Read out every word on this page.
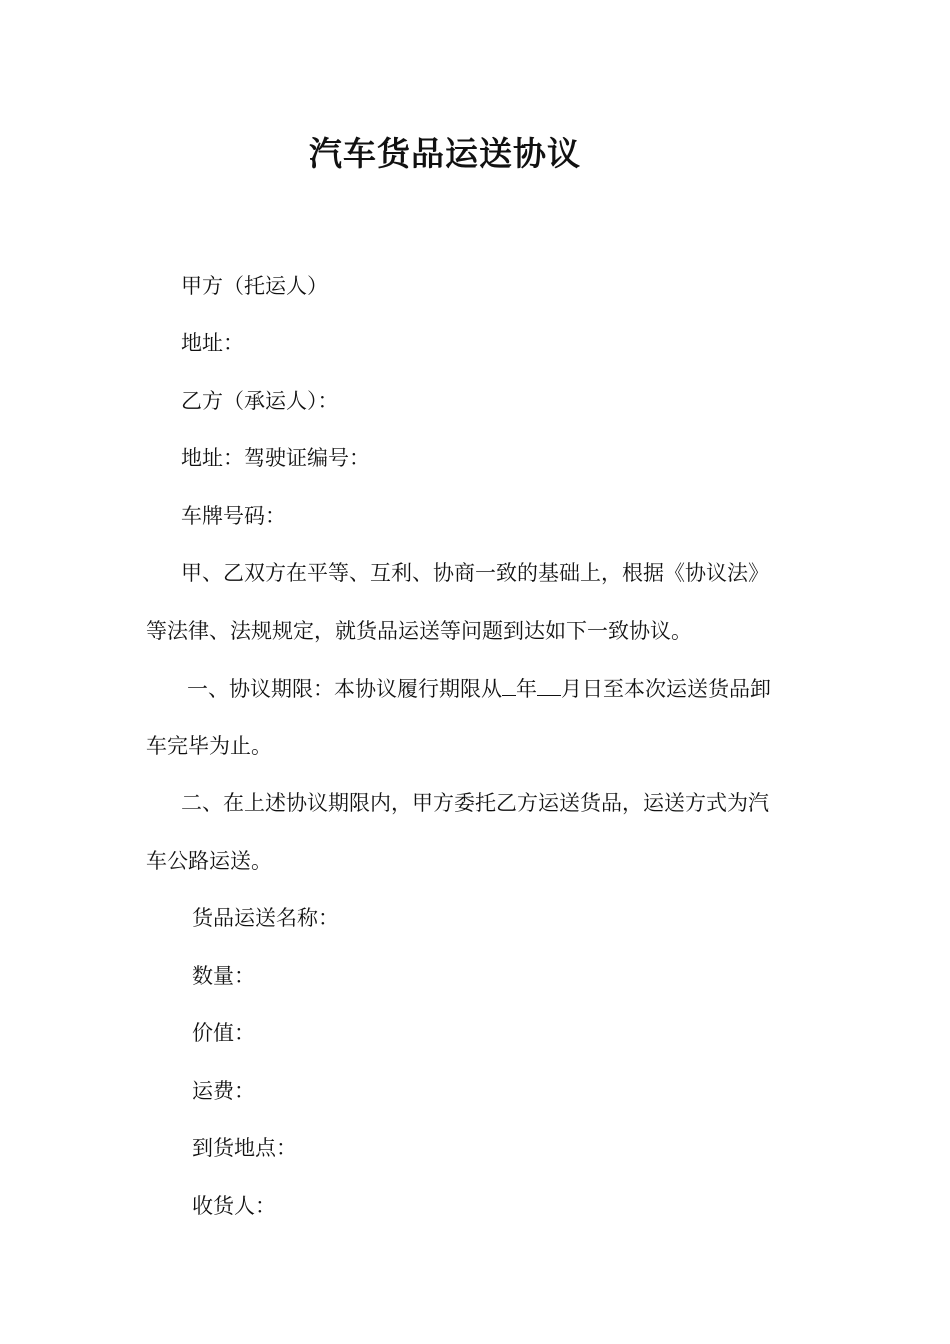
汽车货品运送协议
甲方（托运人）
地址：
乙方（承运人）：
地址：驾驶证编号：
车牌号码：
甲、乙双方在平等、互利、协商一致的基础上，根据《协议法》
等法律、法规规定，就货品运送等问题到达如下一致协议。
一、协议期限：本协议履行期限从 年 月日至本次运送货品卸
车完毕为止。
二、在上述协议期限内，甲方委托乙方运送货品，运送方式为汽
车公路运送。
货品运送名称：
数量：
价值：
运费：
到货地点：
收货人：
